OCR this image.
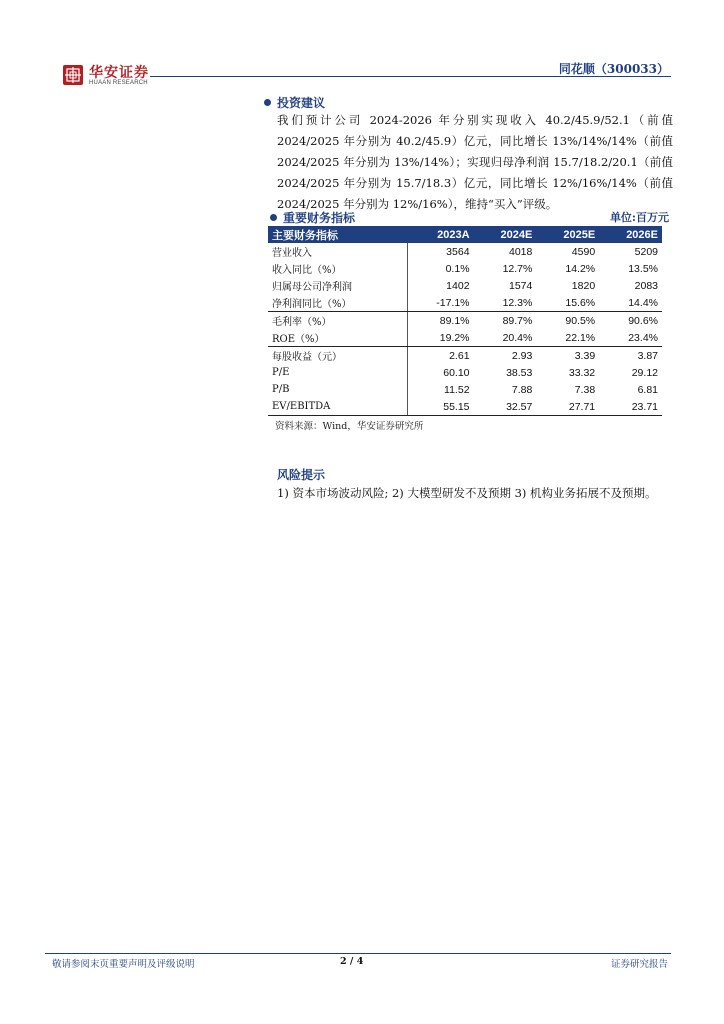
华安证券
HUAAN RESEARCH
同花顺（300033）
投资建议
我们预计公司 2024-2026 年分别实现收入 40.2/45.9/52.1（前值 2024/2025 年分别为 40.2/45.9）亿元，同比增长 13%/14%/14%（前值 2024/2025 年分别为 13%/14%）；实现归母净利润 15.7/18.2/20.1（前值 2024/2025 年分别为 15.7/18.3）亿元，同比增长 12%/16%/14%（前值 2024/2025 年分别为 12%/16%），维持“买入”评级。
重要财务指标	单位:百万元
主要财务指标	2023A	2024E	2025E	2026E
营业收入	3564	4018	4590	5209
收入同比（%）	0.1%	12.7%	14.2%	13.5%
归属母公司净利润	1402	1574	1820	2083
净利润同比（%）	-17.1%	12.3%	15.6%	14.4%
毛利率（%）	89.1%	89.7%	90.5%	90.6%
ROE（%）	19.2%	20.4%	22.1%	23.4%
每股收益（元）	2.61	2.93	3.39	3.87
P/E	60.10	38.53	33.32	29.12
P/B	11.52	7.88	7.38	6.81
EV/EBITDA	55.15	32.57	27.71	23.71
资料来源：Wind，华安证券研究所
风险提示
1) 资本市场波动风险; 2) 大模型研发不及预期 3) 机构业务拓展不及预期。
敬请参阅末页重要声明及评级说明	2 / 4	证券研究报告
